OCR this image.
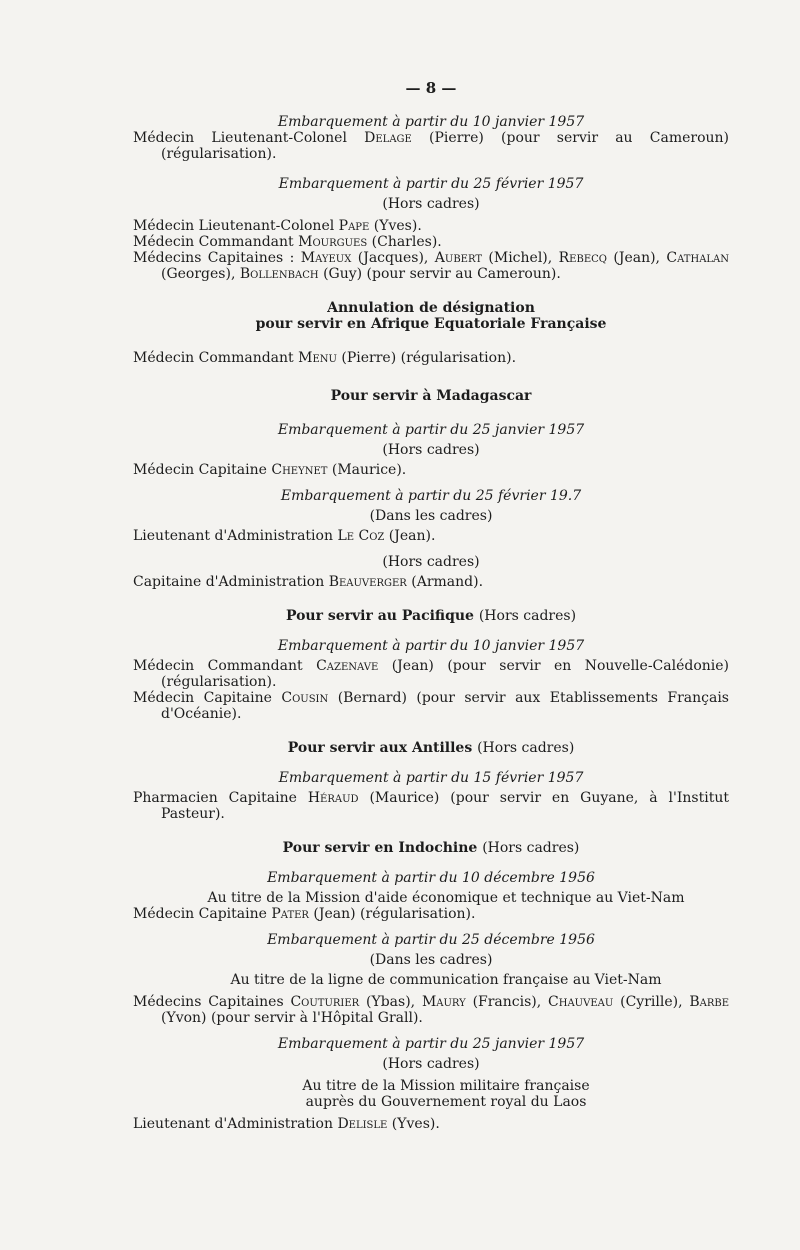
— 8 —
Embarquement à partir du 10 janvier 1957
Médecin Lieutenant-Colonel Delage (Pierre) (pour servir au Cameroun) (régularisation).
Embarquement à partir du 25 février 1957
(Hors cadres)
Médecin Lieutenant-Colonel Pape (Yves).
Médecin Commandant Mourgues (Charles).
Médecins Capitaines : Mayeux (Jacques), Aubert (Michel), Rebecq (Jean), Cathalan (Georges), Bollenbach (Guy) (pour servir au Cameroun).
Annulation de désignation
pour servir en Afrique Equatoriale Française
Médecin Commandant Menu (Pierre) (régularisation).
Pour servir à Madagascar
Embarquement à partir du 25 janvier 1957
(Hors cadres)
Médecin Capitaine Cheynet (Maurice).
Embarquement à partir du 25 février 19.7
(Dans les cadres)
Lieutenant d'Administration Le Coz (Jean).
(Hors cadres)
Capitaine d'Administration Beauverger (Armand).
Pour servir au Pacifique (Hors cadres)
Embarquement à partir du 10 janvier 1957
Médecin Commandant Cazenave (Jean) (pour servir en Nouvelle-Calédonie) (régularisation).
Médecin Capitaine Cousin (Bernard) (pour servir aux Etablissements Français d'Océanie).
Pour servir aux Antilles (Hors cadres)
Embarquement à partir du 15 février 1957
Pharmacien Capitaine Héraud (Maurice) (pour servir en Guyane, à l'Institut Pasteur).
Pour servir en Indochine (Hors cadres)
Embarquement à partir du 10 décembre 1956
Au titre de la Mission d'aide économique et technique au Viet-Nam
Médecin Capitaine Pater (Jean) (régularisation).
Embarquement à partir du 25 décembre 1956
(Dans les cadres)
Au titre de la ligne de communication française au Viet-Nam
Médecins Capitaines Couturier (Ybas), Maury (Francis), Chauveau (Cyrille), Barbe (Yvon) (pour servir à l'Hôpital Grall).
Embarquement à partir du 25 janvier 1957
(Hors cadres)
Au titre de la Mission militaire française
auprès du Gouvernement royal du Laos
Lieutenant d'Administration Delisle (Yves).
